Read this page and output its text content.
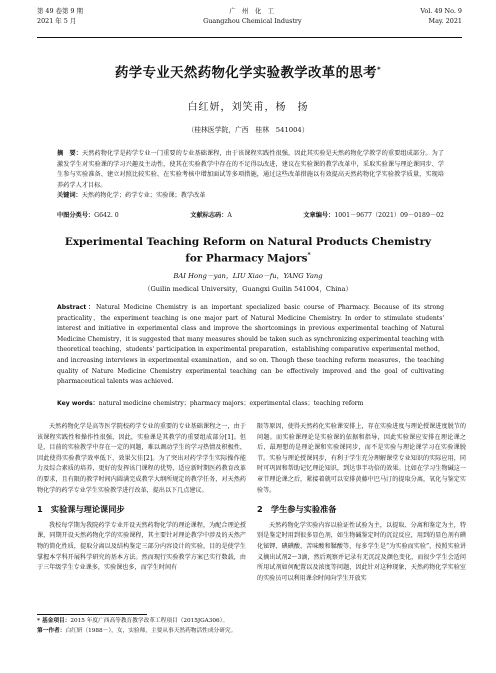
第 49 卷第 9 期	广　州　化　工	Vol. 49 No. 9
2021 年 5 月	Guangzhou Chemical Industry	May. 2021
药学专业天然药物化学实验教学改革的思考*
白红妍，刘笑甫，杨　扬
（桂林医学院，广西　桂林　541004）
摘　要：天然药物化学是药学专业一门重要的专业基础课程，由于该课程实践性很强，因此其实验是天然药物化学教学的重要组成部分。为了激发学生对实验课的学习兴趣及主动性，使其在实验教学中存在的不足得以改进，建议在实验课的教学改革中，采取实验课与理论课同步、学生参与实验准备、建立对照比较实验、在实验考核中增加面试等多项措施，通过这些改革措施以有效提高天然药物化学实验教学质量，实现培养药学人才目标。
关键词：天然药物化学；药学专业；实验课；教学改革
中图分类号：G642. 0	文献标志码：A	文章编号：1001－9677（2021）09－0189－02
Experimental Teaching Reform on Natural Products Chemistry
for Pharmacy Majors*
BAI Hong－yan，LIU Xiao－fu，YANG Yang
（Guilin medical University，Guangxi Guilin 541004，China）
Abstract：Natural Medicine Chemistry is an important specialized basic course of Pharmacy. Because of its strong practicality，the experiment teaching is one major part of Natural Medicine Chemistry. In order to stimulate students' interest and initiative in experimental class and improve the shortcomings in previous experimental teaching of Natural Medicine Chemistry，it is suggested that many measures should be taken such as synchronizing experimental teaching with theoretical teaching，students' participation in experimental preparation，establishing comparative experimental method，and increasing interviews in experimental examination，and so on. Though these teaching reform measures，the teaching quality of Nature Medicine Chemistry experimental teaching can be effectively improved and the goal of cultivating pharmaceutical talents was achieved.
Key words：natural medicine chemistry；pharmacy majors；experimental class；teaching reform

天然药物化学是高等医学院校药学专业的重要的专业基础课程之一，由于该课程实践性和操作性很强，因此，实验课是其教学的重要组成部分[1]。但是，目前的实验教学中存在一定的问题，难以调动学生的学习热情及积极性，因此使得实验教学效率低下，效果欠佳[2]。为了突出对药学学生实际操作能力及综合素质的培养，更好的发挥该门课程的优势，适应新时期医药教育改革的要求，且有限的教学时间内圆满完成教学大纲所规定的教学任务，对天然药物化学的药学专业学生实验教学进行改革，提出以下几点建议。

1　实验课与理论课同步

我校每学期为我院药学专业开设天然药物化学的理论课程，为配合理论授课，同期开设天然药物化学的实验课程，其主要针对理论教学中涉及的天然产物的简化性质，提取分离以及结构鉴定三部分内容设计的实验，目的是使学生掌握本学科开展科学研究的基本方法。然而现行实验教学方案已实行数载，由于三年级学生专业课多，实验课也多，而学生时间有

限等原因，使得天然药化实验课安排上，存在实验进度与理论授课进度脱节的问题。而实验课理论是实验课的依据和指导，因此实验课应安排在理论课之后，最理想的是理论课和实验课同步，而不是实验与理论课学习在实验课脱节。实验与理论授课同步，有利于学生充分理解课堂专业知识的实际应用，同时可巩固和帮助记忆理论知识，到达事半功倍的效果。比如在学习生物碱这一章节理论课之后，紧接着就可以安排黄藤中巴马汀的提取分离，氧化与鉴定实验等。

2　学生参与实验准备

天然药物化学实验内容以验证性试验为主，以提取、分离和鉴定为主，特别是鉴定时用到很多显色剂，如生物碱鉴定时的沉淀反应，用到的显色剂有碘化铋钾、碘碘酸、苦味酸和鞣酸等，每多学生是“为实验而实验”，按照实验讲义摘出试剂2～3滴，然后观察并记录有无沉淀及颜色变化，而很少学生会适问所用试剂如何配置以及浓度等问题，因此针对这种现象，天然药物化学实验室的实验员可以利用课余时间向学生开放实

* 基金项目：2015 年度广西高等教育教学改革工程项目（2015JGA306）。
第一作者：白红妍（1988－），女，实验师，主要从事天然药物活性成分研究。
